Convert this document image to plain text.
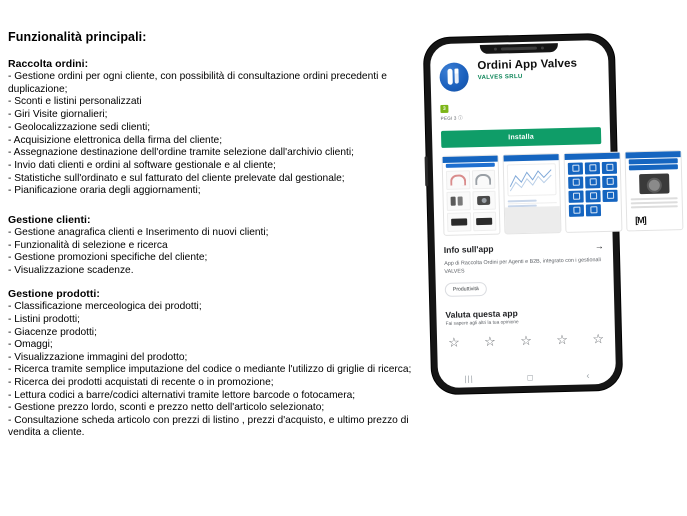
Funzionalità principali:

Raccolta ordini:

- Gestione ordini per ogni cliente, con possibilità di consultazione ordini precedenti e duplicazione;

- Sconti e listini personalizzati

- Giri Visite giornalieri;

- Geolocalizzazione sedi clienti;

- Acquisizione elettronica della firma del cliente;

- Assegnazione destinazione dell'ordine tramite selezione dall'archivio clienti;

- Invio dati clienti e ordini al software gestionale e al cliente;

- Statistiche sull'ordinato e sul fatturato del cliente prelevate dal gestionale;

- Pianificazione oraria degli aggiornamenti;

Gestione clienti:

- Gestione anagrafica clienti e Inserimento di nuovi clienti;

- Funzionalità di selezione e ricerca

- Gestione promozioni specifiche del cliente;

- Visualizzazione scadenze.

Gestione prodotti:

- Classificazione merceologica dei prodotti;

- Listini prodotti;

- Giacenze prodotti;

- Omaggi;

- Visualizzazione immagini del prodotto;

- Ricerca tramite semplice imputazione del codice o mediante l'utilizzo di griglie di ricerca;

- Ricerca dei prodotti acquistati di recente o in promozione;

- Lettura codici a barre/codici alternativi tramite lettore barcode o fotocamera;

- Gestione prezzo lordo, sconti e prezzo netto dell'articolo selezionato;

- Consultazione scheda articolo con prezzi di listino , prezzi d'acquisto, e ultimo prezzo di vendita a cliente.

Ordini App Valves
VALVES SRLU
3
PEGI 3 ⓘ
Installa
[M]
Info sull'app	→
App di Raccolta Ordini per Agenti e B2B, integrato con i gestionali VALVES
Produttività
Valuta questa app
Fai sapere agli altri la tua opinione
☆ ☆ ☆ ☆ ☆
|||	◻	‹
